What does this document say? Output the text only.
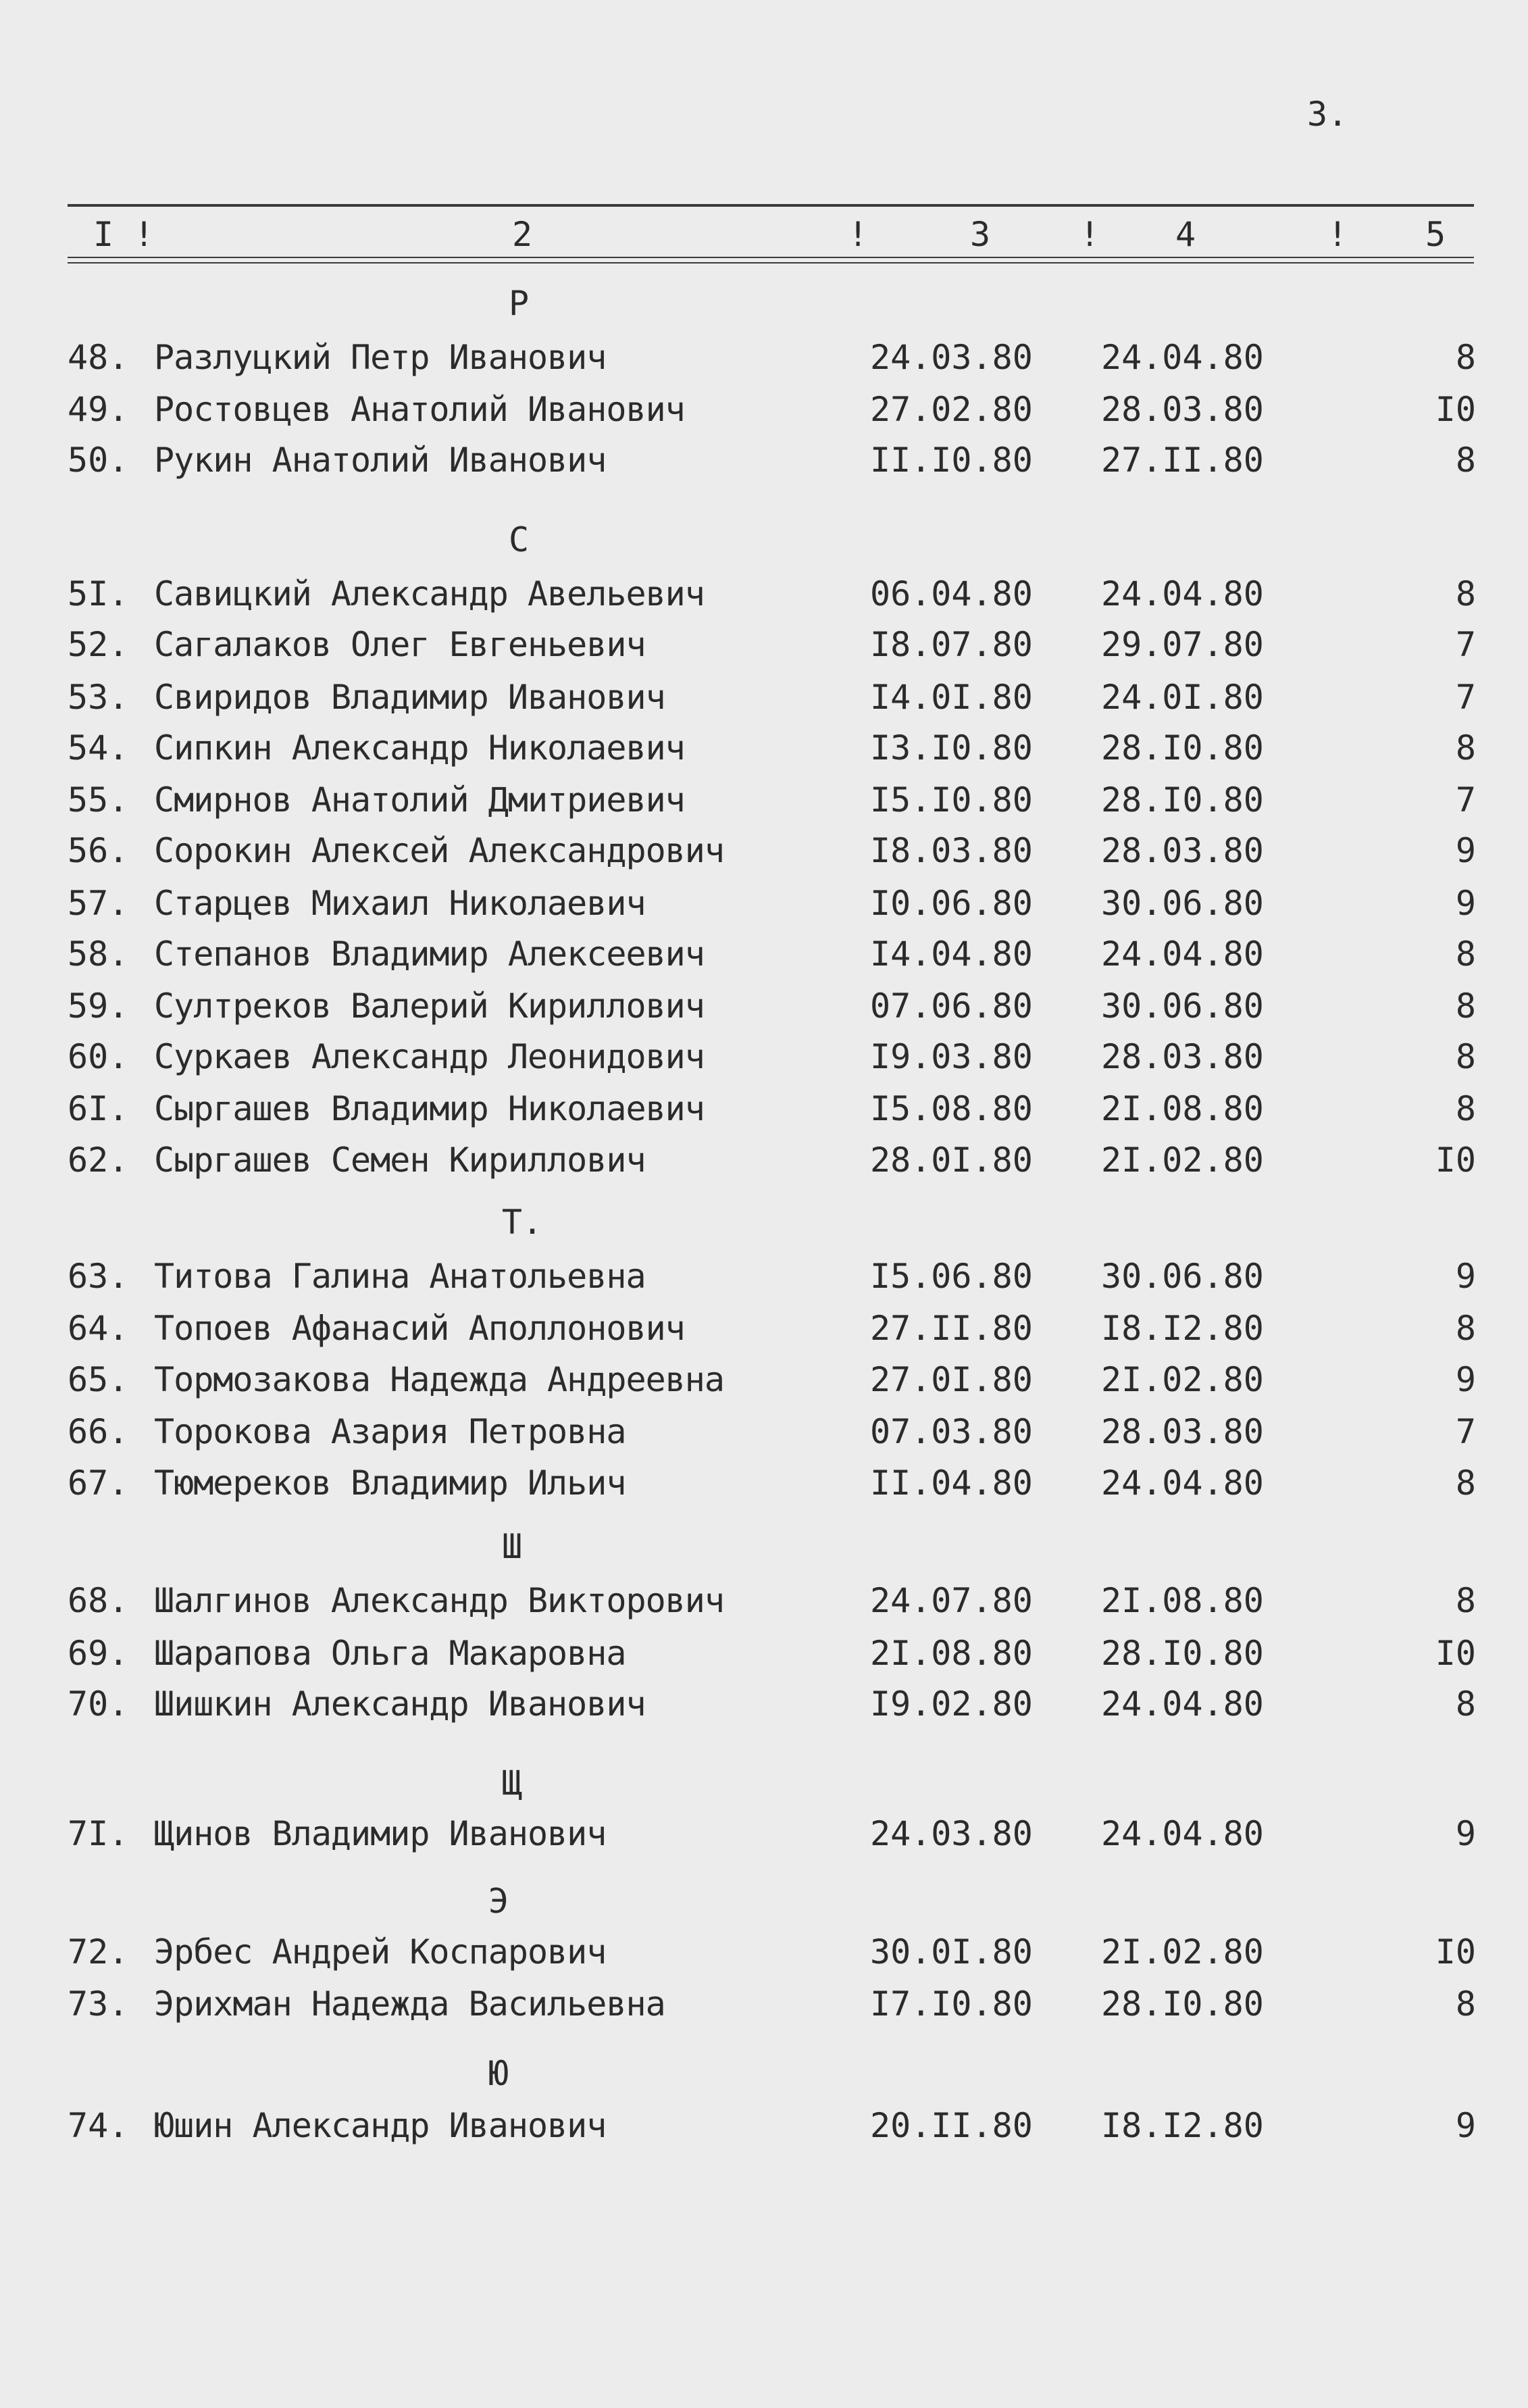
3.
I !	2	!	3	! 4	! 5
Р
48. Разлуцкий Петр Иванович	24.03.80 24.04.80	8
49. Ростовцев Анатолий Иванович	27.02.80 28.03.80	I0
50. Рукин Анатолий Иванович	II.I0.80 27.II.80	8
С
5I. Савицкий Александр Авельевич	06.04.80 24.04.80	8
52. Сагалаков Олег Евгеньевич	I8.07.80 29.07.80	7
53. Свиридов Владимир Иванович	I4.0I.80 24.0I.80	7
54. Сипкин Александр Николаевич	I3.I0.80 28.I0.80	8
55. Смирнов Анатолий Дмитриевич	I5.I0.80 28.I0.80	7
56. Сорокин Алексей Александрович	I8.03.80 28.03.80	9
57. Старцев Михаил Николаевич	I0.06.80 30.06.80	9
58. Степанов Владимир Алексеевич	I4.04.80 24.04.80	8
59. Султреков Валерий Кириллович	07.06.80 30.06.80	8
60. Суркаев Александр Леонидович	I9.03.80 28.03.80	8
6I. Сыргашев Владимир Николаевич	I5.08.80 2I.08.80	8
62. Сыргашев Семен Кириллович	28.0I.80 2I.02.80	I0
Т.
63. Титова Галина Анатольевна	I5.06.80 30.06.80	9
64. Топоев Афанасий Аполлонович	27.II.80 I8.I2.80	8
65. Тормозакова Надежда Андреевна	27.0I.80 2I.02.80	9
66. Торокова Азария Петровна	07.03.80 28.03.80	7
67. Тюмереков Владимир Ильич	II.04.80 24.04.80	8
Ш
68. Шалгинов Александр Викторович	24.07.80 2I.08.80	8
69. Шарапова Ольга Макаровна	2I.08.80 28.I0.80	I0
70. Шишкин Александр Иванович	I9.02.80 24.04.80	8
Щ
7I. Щинов Владимир Иванович	24.03.80 24.04.80	9
Э
72. Эрбес Андрей Коспарович	30.0I.80 2I.02.80	I0
73. Эрихман Надежда Васильевна	I7.I0.80 28.I0.80	8
Ю
74. Юшин Александр Иванович	20.II.80 I8.I2.80	9
